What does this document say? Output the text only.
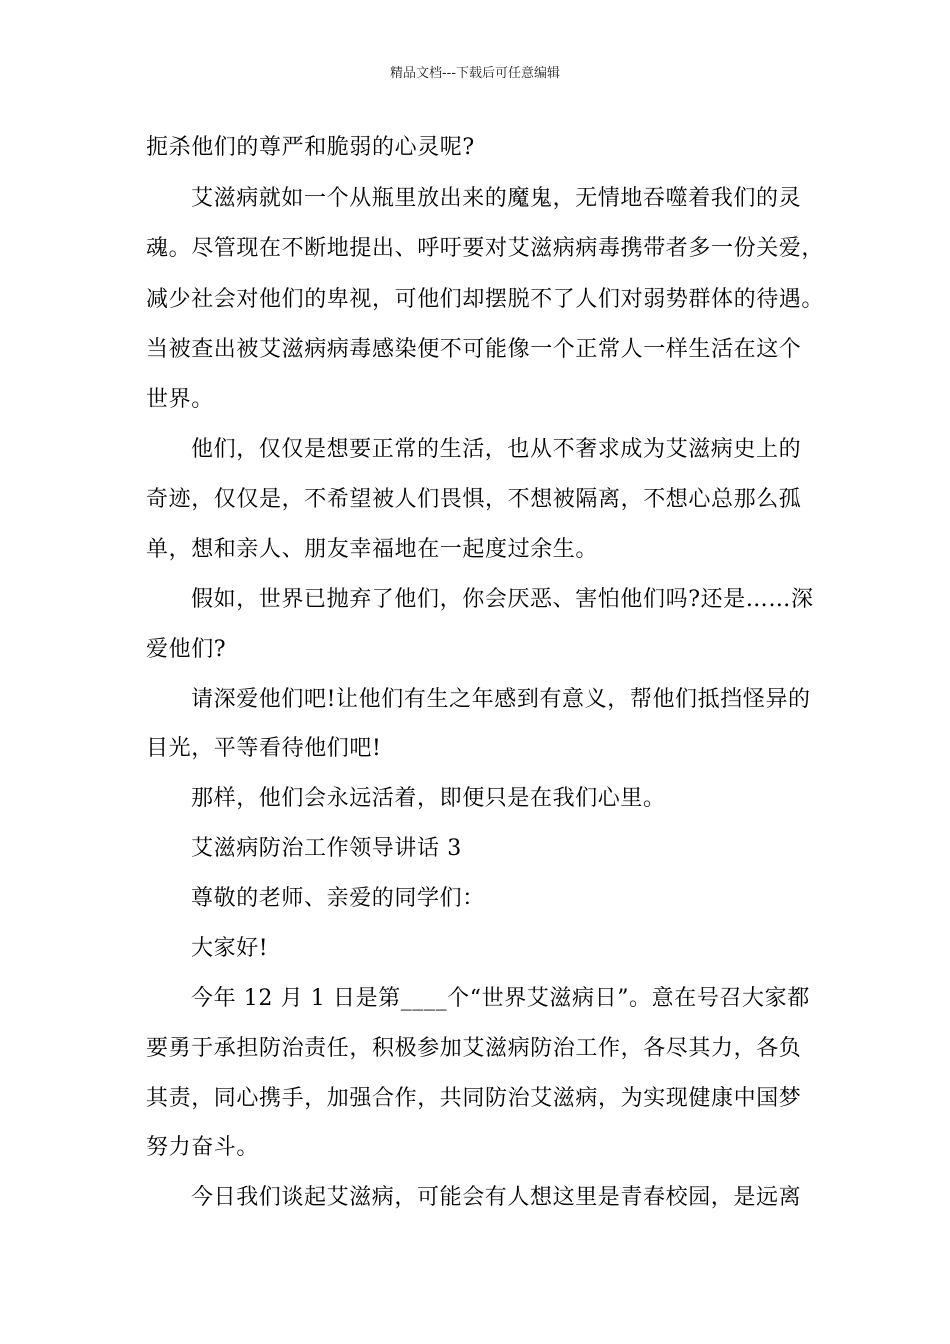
精品文档---下载后可任意编辑
扼杀他们的尊严和脆弱的心灵呢?
艾滋病就如一个从瓶里放出来的魔鬼，无情地吞噬着我们的灵
魂。尽管现在不断地提出、呼吁要对艾滋病病毒携带者多一份关爱，
减少社会对他们的卑视，可他们却摆脱不了人们对弱势群体的待遇。
当被查出被艾滋病病毒感染便不可能像一个正常人一样生活在这个
世界。
他们，仅仅是想要正常的生活，也从不奢求成为艾滋病史上的
奇迹，仅仅是，不希望被人们畏惧，不想被隔离，不想心总那么孤
单，想和亲人、朋友幸福地在一起度过余生。
假如，世界已抛弃了他们，你会厌恶、害怕他们吗?还是……深
爱他们?
请深爱他们吧!让他们有生之年感到有意义，帮他们抵挡怪异的
目光，平等看待他们吧!
那样，他们会永远活着，即便只是在我们心里。
艾滋病防治工作领导讲话 3
尊敬的老师、亲爱的同学们：
大家好!
今年 12 月 1 日是第____个“世界艾滋病日”。意在号召大家都
要勇于承担防治责任，积极参加艾滋病防治工作，各尽其力，各负
其责，同心携手，加强合作，共同防治艾滋病，为实现健康中国梦
努力奋斗。
今日我们谈起艾滋病，可能会有人想这里是青春校园，是远离
